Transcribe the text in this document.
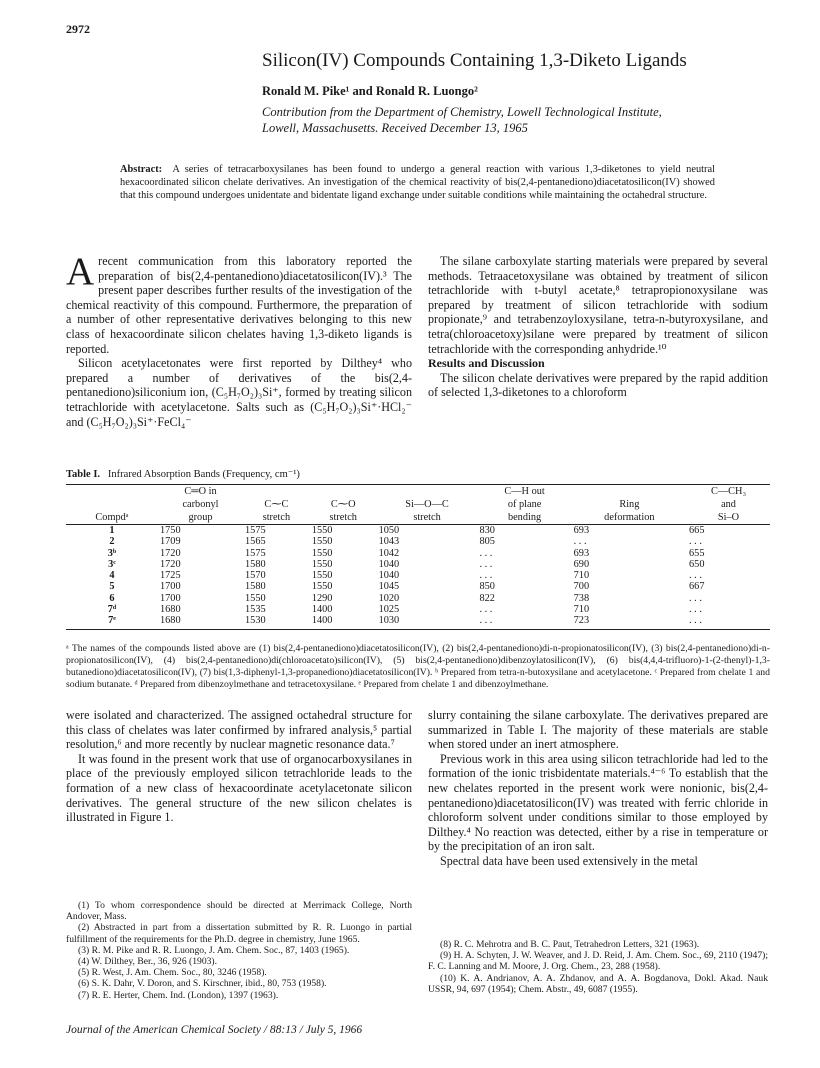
2972
Silicon(IV) Compounds Containing 1,3-Diketo Ligands
Ronald M. Pike¹ and Ronald R. Luongo²
Contribution from the Department of Chemistry, Lowell Technological Institute,
Lowell, Massachusetts. Received December 13, 1965
Abstract: A series of tetracarboxysilanes has been found to undergo a general reaction with various 1,3-diketones to yield neutral hexacoordinated silicon chelate derivatives. An investigation of the chemical reactivity of bis(2,4-pentanediono)diacetatosilicon(IV) showed that this compound undergoes unidentate and bidentate ligand exchange under suitable conditions while maintaining the octahedral structure.

Arecent communication from this laboratory reported the preparation of bis(2,4-pentanediono)diacetatosilicon(IV).³ The present paper describes further results of the investigation of the chemical reactivity of this compound. Furthermore, the preparation of a number of other representative derivatives belonging to this new class of hexacoordinate silicon chelates having 1,3-diketo ligands is reported.

Silicon acetylacetonates were first reported by Dilthey⁴ who prepared a number of derivatives of the bis(2,4-pentanediono)siliconium ion, (C₅H₇O₂)₃Si⁺, formed by treating silicon tetrachloride with acetylacetone. Salts such as (C₅H₇O₂)₃Si⁺·HCl₂⁻ and (C₅H₇O₂)₃Si⁺·FeCl₄⁻

The silane carboxylate starting materials were prepared by several methods. Tetraacetoxysilane was obtained by treatment of silicon tetrachloride with t-butyl acetate,⁸ tetrapropionoxysilane was prepared by treatment of silicon tetrachloride with sodium propionate,⁹ and tetrabenzoyloxysilane, tetra-n-butyroxysilane, and tetra(chloroacetoxy)silane were prepared by treatment of silicon tetrachloride with the corresponding anhydride.¹⁰

Results and Discussion

The silicon chelate derivatives were prepared by the rapid addition of selected 1,3-diketones to a chloroform

Table I. Infrared Absorption Bands (Frequency, cm⁻¹)
	C═O in				C—H out		C—CH₃
	carbonyl	C⁓C	C⁓O	Si—O—C	of plane	Ring	and
Compdᵃ	group	stretch	stretch	stretch	bending	deformation	Si–O
1	1750	1575	1550	1050	830	693	665
2	1709	1565	1550	1043	805	. . .	. . .
3ᵇ	1720	1575	1550	1042	. . .	693	655
3ᶜ	1720	1580	1550	1040	. . .	690	650
4	1725	1570	1550	1040	. . .	710	. . .
5	1700	1580	1550	1045	850	700	667
6	1700	1550	1290	1020	822	738	. . .
7ᵈ	1680	1535	1400	1025	. . .	710	. . .
7ᵉ	1680	1530	1400	1030	. . .	723	. . .
ᵃ The names of the compounds listed above are (1) bis(2,4-pentanediono)diacetatosilicon(IV), (2) bis(2,4-pentanediono)di-n-propionatosilicon(IV), (3) bis(2,4-pentanediono)di-n-propionatosilicon(IV), (4) bis(2,4-pentanediono)di(chloroacetato)silicon(IV), (5) bis(2,4-pentanediono)dibenzoylatosilicon(IV), (6) bis(4,4,4-trifluoro)-1-(2-thenyl)-1,3-butanediono)diacetatosilicon(IV), (7) bis(1,3-diphenyl-1,3-propanediono)diacetatosilicon(IV). ᵇ Prepared from tetra-n-butoxysilane and acetylacetone. ᶜ Prepared from chelate 1 and sodium butanate. ᵈ Prepared from dibenzoylmethane and tetracetoxysilane. ᵉ Prepared from chelate 1 and dibenzoylmethane.

were isolated and characterized. The assigned octahedral structure for this class of chelates was later confirmed by infrared analysis,⁵ partial resolution,⁶ and more recently by nuclear magnetic resonance data.⁷

It was found in the present work that use of organocarboxysilanes in place of the previously employed silicon tetrachloride leads to the formation of a new class of hexacoordinate acetylacetonate silicon derivatives. The general structure of the new silicon chelates is illustrated in Figure 1.

slurry containing the silane carboxylate. The derivatives prepared are summarized in Table I. The majority of these materials are stable when stored under an inert atmosphere.

Previous work in this area using silicon tetrachloride had led to the formation of the ionic trisbidentate materials.⁴⁻⁶ To establish that the new chelates reported in the present work were nonionic, bis(2,4-pentanediono)diacetatosilicon(IV) was treated with ferric chloride in chloroform solvent under conditions similar to those employed by Dilthey.⁴ No reaction was detected, either by a rise in temperature or by the precipitation of an iron salt.

Spectral data have been used extensively in the metal

(1) To whom correspondence should be directed at Merrimack College, North Andover, Mass.

(2) Abstracted in part from a dissertation submitted by R. R. Luongo in partial fulfillment of the requirements for the Ph.D. degree in chemistry, June 1965.

(3) R. M. Pike and R. R. Luongo, J. Am. Chem. Soc., 87, 1403 (1965).

(4) W. Dilthey, Ber., 36, 926 (1903).

(5) R. West, J. Am. Chem. Soc., 80, 3246 (1958).

(6) S. K. Dahr, V. Doron, and S. Kirschner, ibid., 80, 753 (1958).

(7) R. E. Herter, Chem. Ind. (London), 1397 (1963).

(8) R. C. Mehrotra and B. C. Paut, Tetrahedron Letters, 321 (1963).

(9) H. A. Schyten, J. W. Weaver, and J. D. Reid, J. Am. Chem. Soc., 69, 2110 (1947); F. C. Lanning and M. Moore, J. Org. Chem., 23, 288 (1958).

(10) K. A. Andrianov, A. A. Zhdanov, and A. A. Bogdanova, Dokl. Akad. Nauk USSR, 94, 697 (1954); Chem. Abstr., 49, 6087 (1955).

Journal of the American Chemical Society / 88:13 / July 5, 1966
